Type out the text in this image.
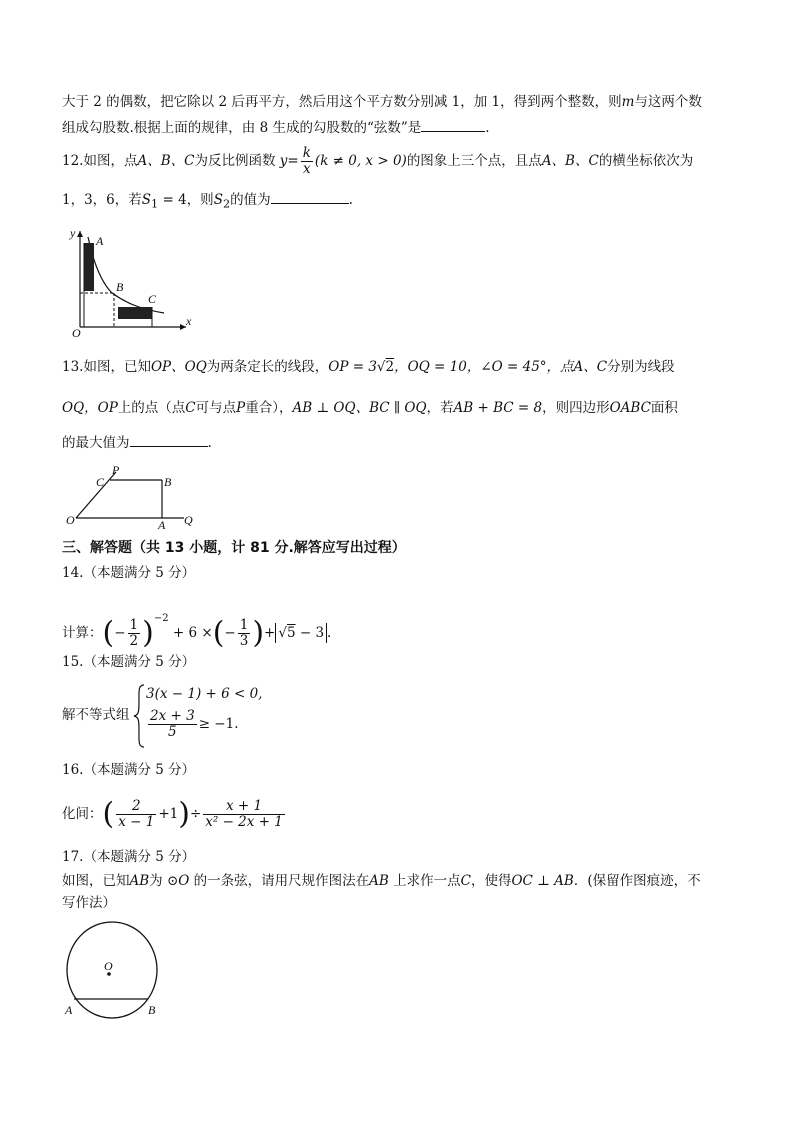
大于 2 的偶数，把它除以 2 后再平方，然后用这个平方数分别减 1，加 1，得到两个整数，则m与这两个数
组成勾股数.根据上面的规律，由 8 生成的勾股数的“弦数”是	.
12.如图，点A、B、C为反比例函数 $y= \frac{k}{x} (k \ne 0$, x > 0)的图象上三个点，且点A、B、C的横坐标依次为
1，3，6，若$S_1 = 4$，则$S_2$的值为	.
y
x
O
A
B
C
13.如图，已知OP、OQ为两条定长的线段，OP = 3√2，OQ = 10，∠O = 45°，点A、C分别为线段
OQ，OP上的点（点C可与点P重合），AB ⊥ OQ、BC ∥ OQ，若AB + BC = 8，则四边形OABC面积
的最大值为	.
P
C	B
O	A Q
三、解答题（共 13 小题，计 81 分.解答应写出过程）
14.（本题满分 5 分）
计算：(− $\frac{1}{2} )^{-2} + 6$ ×(− $\frac{1}{3}$ )+ √5 − 3 .
15.（本题满分 5 分）
解不等式组
3(x − 1) + 6 < 0,
$\frac{2x + 3}{5} \ge -1$.
16.（本题满分 5 分）
化间：( $\frac{2}{x - 1} +1)\div \frac{x + 1}{\text{x² − 2x + 1}}$
17.（本题满分 5 分）
如图，已知AB为 ⊙O 的一条弦，请用尺规作图法在AB 上求作一点C，使得OC ⊥ AB．(保留作图痕迹，不
写作法）
O
A	B
